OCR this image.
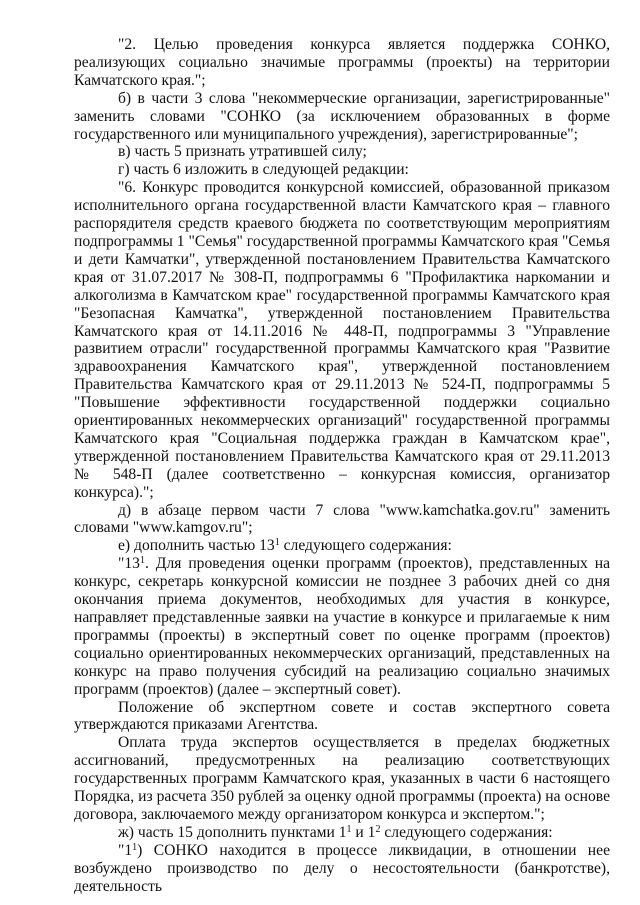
"2. Целью проведения конкурса является поддержка СОНКО, реализующих социально значимые программы (проекты) на территории Камчатского края.";

б) в части 3 слова "некоммерческие организации, зарегистрированные" заменить словами "СОНКО (за исключением образованных в форме государственного или муниципального учреждения), зарегистрированные";

в) часть 5 признать утратившей силу;

г) часть 6 изложить в следующей редакции:

"6. Конкурс проводится конкурсной комиссией, образованной приказом исполнительного органа государственной власти Камчатского края – главного распорядителя средств краевого бюджета по соответствующим мероприятиям подпрограммы 1 "Семья" государственной программы Камчатского края "Семья и дети Камчатки", утвержденной постановлением Правительства Камчатского края от 31.07.2017 № 308-П, подпрограммы 6 "Профилактика наркомании и алкоголизма в Камчатском крае" государственной программы Камчатского края "Безопасная Камчатка", утвержденной постановлением Правительства Камчатского края от 14.11.2016 № 448-П, подпрограммы 3 "Управление развитием отрасли" государственной программы Камчатского края "Развитие здравоохранения Камчатского края", утвержденной постановлением Правительства Камчатского края от 29.11.2013 № 524-П, подпрограммы 5 "Повышение эффективности государственной поддержки социально ориентированных некоммерческих организаций" государственной программы Камчатского края "Социальная поддержка граждан в Камчатском крае", утвержденной постановлением Правительства Камчатского края от 29.11.2013 № 548-П (далее соответственно – конкурсная комиссия, организатор конкурса).";

д) в абзаце первом части 7 слова "www.kamchatka.gov.ru" заменить словами "www.kamgov.ru";

е) дополнить частью $13^1$ следующего содержания:

"$13^1$. Для проведения оценки программ (проектов), представленных на конкурс, секретарь конкурсной комиссии не позднее 3 рабочих дней со дня окончания приема документов, необходимых для участия в конкурсе, направляет представленные заявки на участие в конкурсе и прилагаемые к ним программы (проекты) в экспертный совет по оценке программ (проектов) социально ориентированных некоммерческих организаций, представленных на конкурс на право получения субсидий на реализацию социально значимых программ (проектов) (далее – экспертный совет).

Положение об экспертном совете и состав экспертного совета утверждаются приказами Агентства.

Оплата труда экспертов осуществляется в пределах бюджетных ассигнований, предусмотренных на реализацию соответствующих государственных программ Камчатского края, указанных в части 6 настоящего Порядка, из расчета 350 рублей за оценку одной программы (проекта) на основе договора, заключаемого между организатором конкурса и экспертом.";

ж) часть 15 дополнить пунктами $1^1$ и $1^2$ следующего содержания:

"$1^1$) СОНКО находится в процессе ликвидации, в отношении нее возбуждено производство по делу о несостоятельности (банкротстве), деятельность
